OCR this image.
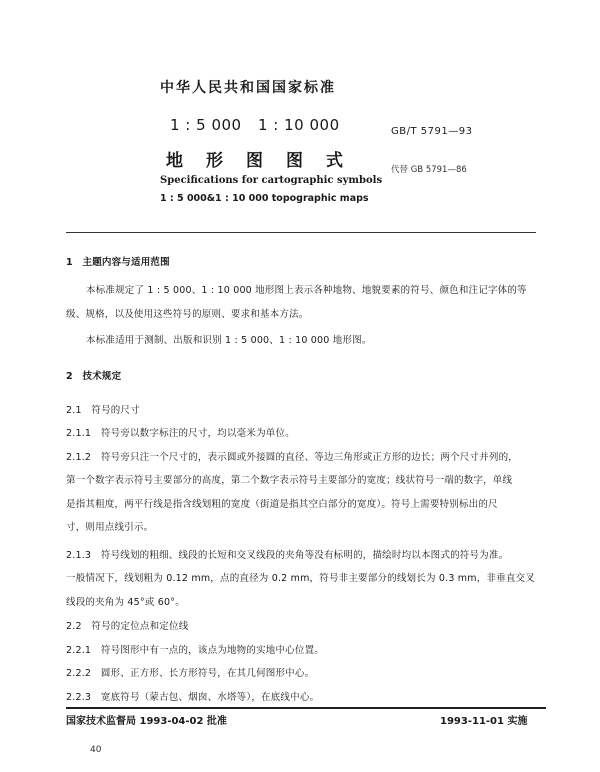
中华人民共和国国家标准
1 : 5 000 1 : 10 000	GB/T 5791—93
地　形　图　图　式	代替 GB 5791—86
Specifications for cartographic symbols
1 : 5 000&1 : 10 000 topographic maps
1　主题内容与适用范围
本标准规定了 1 : 5 000、1 : 10 000 地形图上表示各种地物、地貌要素的符号、颜色和注记字体的等
级、规格，以及使用这些符号的原则、要求和基本方法。
本标准适用于测制、出版和识别 1 : 5 000、1 : 10 000 地形图。
2　技术规定
2.1　符号的尺寸
2.1.1　符号旁以数字标注的尺寸，均以毫米为单位。
2.1.2　符号旁只注一个尺寸的，表示圆或外接圆的直径、等边三角形或正方形的边长；两个尺寸并列的，
第一个数字表示符号主要部分的高度，第二个数字表示符号主要部分的宽度；线状符号一端的数字，单线
是指其粗度，两平行线是指含线划粗的宽度（街道是指其空白部分的宽度）。符号上需要特别标出的尺
寸，则用点线引示。
2.1.3　符号线划的粗细、线段的长短和交叉线段的夹角等没有标明的，描绘时均以本图式的符号为准。
一般情况下，线划粗为 0.12 mm，点的直径为 0.2 mm，符号非主要部分的线划长为 0.3 mm，非垂直交叉
线段的夹角为 45°或 60°。
2.2　符号的定位点和定位线
2.2.1　符号图形中有一点的，该点为地物的实地中心位置。
2.2.2　圆形、正方形、长方形符号，在其几何图形中心。
2.2.3　宽底符号（蒙古包、烟囱、水塔等），在底线中心。
国家技术监督局 1993-04-02 批准	1993-11-01 实施
40
